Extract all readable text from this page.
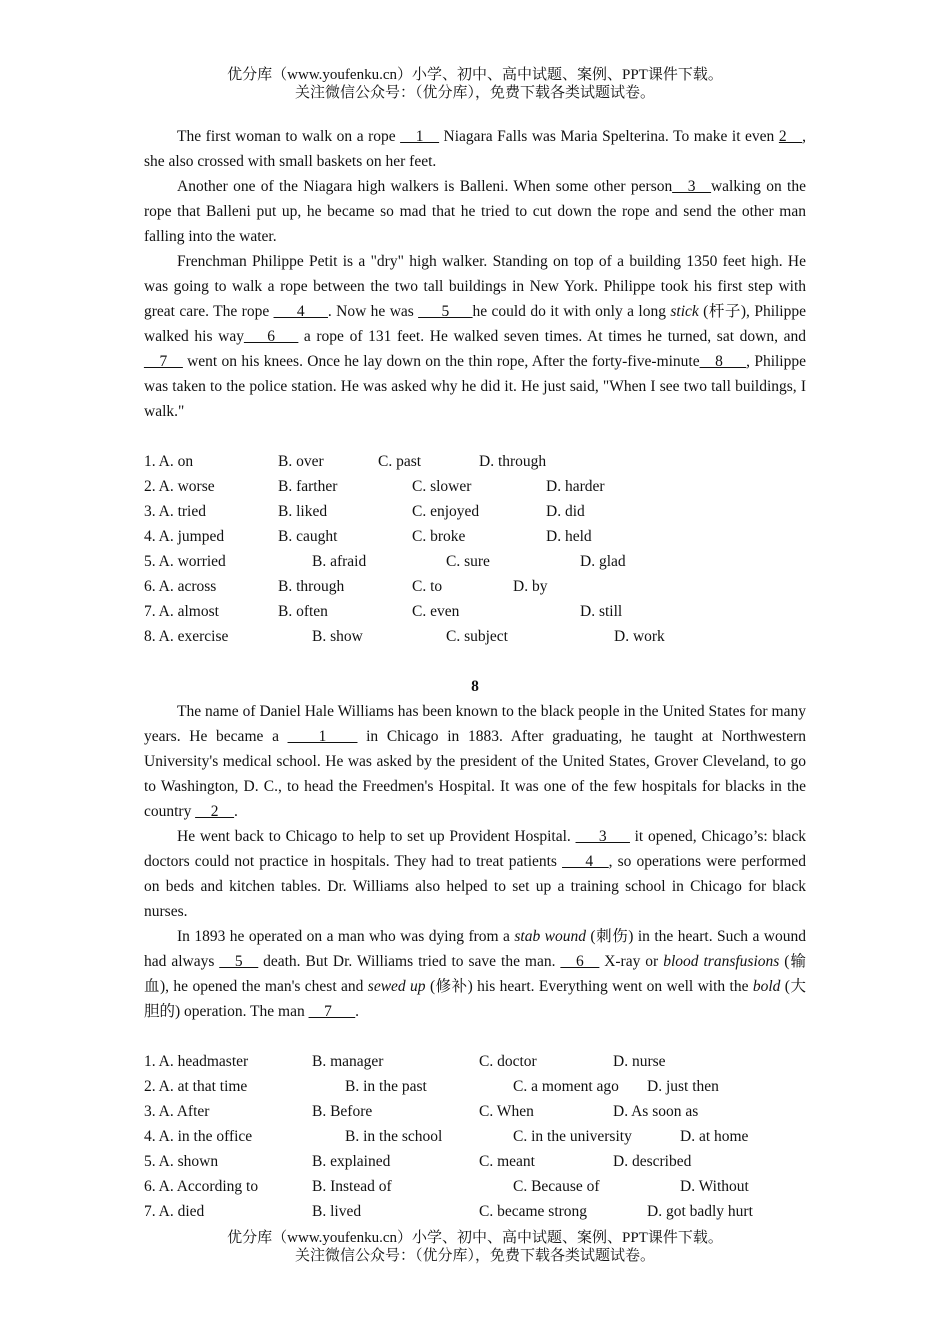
优分库（www.youfenku.cn）小学、初中、高中试题、案例、PPT课件下载。
关注微信公众号：（优分库），免费下载各类试题试卷。

The first woman to walk on a rope __1__ Niagara Falls was Maria Spelterina. To make it even 2__, she also crossed with small baskets on her feet.

Another one of the Niagara high walkers is Balleni. When some other person__3__walking on the rope that Balleni put up, he became so mad that he tried to cut down the rope and send the other man falling into the water.

Frenchman Philippe Petit is a "dry" high walker. Standing on top of a building 1350 feet high. He was going to walk a rope between the two tall buildings in New York. Philippe took his first step with great care. The rope ___4___. Now he was ___5___he could do it with only a long stick (杆子), Philippe walked his way___6___ a rope of 131 feet. He walked seven times. At times he turned, sat down, and __7__ went on his knees. Once he lay down on the thin rope, After the forty-five-minute__8___, Philippe was taken to the police station. He was asked why he did it. He just said, "When I see two tall buildings, I walk."

1. A. on	B. over	C. past	D. through
2. A. worse	B. farther	C. slower	D. harder
3. A. tried	B. liked	C. enjoyed	D. did
4. A. jumped	B. caught	C. broke	D. held
5. A. worried	B. afraid	C. sure	D. glad
6. A. across	B. through	C. to	D. by
7. A. almost	B. often	C. even	D. still
8. A. exercise	B. show	C. subject	D. work
8

The name of Daniel Hale Williams has been known to the black people in the United States for many years. He became a ____1____ in Chicago in 1883. After graduating, he taught at Northwestern University's medical school. He was asked by the president of the United States, Grover Cleveland, to go to Washington, D. C., to head the Freedmen's Hospital. It was one of the few hospitals for blacks in the country __2__.

He went back to Chicago to help to set up Provident Hospital. ___3___ it opened, Chicago’s: black doctors could not practice in hospitals. They had to treat patients ___4__, so operations were performed on beds and kitchen tables. Dr. Williams also helped to set up a training school in Chicago for black nurses.

In 1893 he operated on a man who was dying from a stab wound (刺伤) in the heart. Such a wound had always __5__ death. But Dr. Williams tried to save the man. __6__ X-ray or blood transfusions (输血), he opened the man's chest and sewed up (修补) his heart. Everything went on well with the bold (大胆的) operation. The man __7___.

1. A. headmaster	B. manager	C. doctor	D. nurse
2. A. at that time	B. in the past	C. a moment ago D. just then
3. A. After	B. Before	C. When	D. As soon as
4. A. in the office	B. in the school	C. in the university	D. at home
5. A. shown	B. explained	C. meant	D. described
6. A. According to	B. Instead of	C. Because of	D. Without
7. A. died	B. lived	C. became strong	D. got badly hurt
优分库（www.youfenku.cn）小学、初中、高中试题、案例、PPT课件下载。
关注微信公众号：（优分库），免费下载各类试题试卷。
